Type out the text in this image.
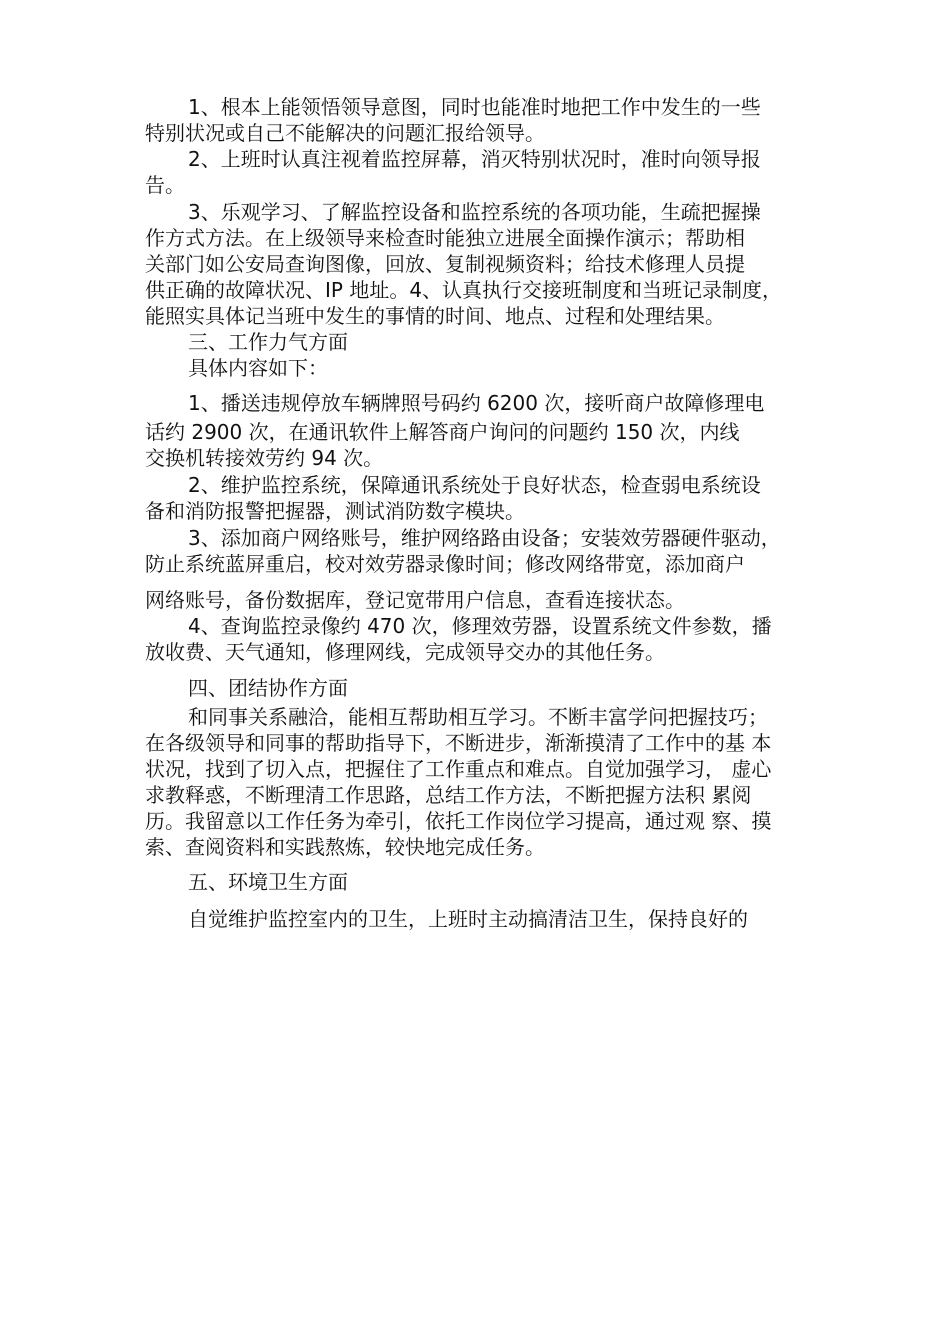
1、根本上能领悟领导意图，同时也能准时地把工作中发生的一些
特别状况或自己不能解决的问题汇报给领导。

2、上班时认真注视着监控屏幕，消灭特别状况时，准时向领导报
告。

3、乐观学习、了解监控设备和监控系统的各项功能，生疏把握操
作方式方法。在上级领导来检查时能独立进展全面操作演示；帮助相
关部门如公安局查询图像，回放、复制视频资料；给技术修理人员提
供正确的故障状况、IP 地址。4、认真执行交接班制度和当班记录制度，
能照实具体记当班中发生的事情的时间、地点、过程和处理结果。

三、工作力气方面

具体内容如下：

1、播送违规停放车辆牌照号码约 6200 次，接听商户故障修理电
话约 2900 次，在通讯软件上解答商户询问的问题约 150 次，内线
交换机转接效劳约 94 次。

2、维护监控系统，保障通讯系统处于良好状态，检查弱电系统设
备和消防报警把握器，测试消防数字模块。

3、添加商户网络账号，维护网络路由设备；安装效劳器硬件驱动，
防止系统蓝屏重启，校对效劳器录像时间；修改网络带宽，添加商户
网络账号，备份数据库，登记宽带用户信息，查看连接状态。

4、查询监控录像约 470 次，修理效劳器，设置系统文件参数，播
放收费、天气通知，修理网线，完成领导交办的其他任务。

四、团结协作方面

和同事关系融洽，能相互帮助相互学习。不断丰富学问把握技巧；
在各级领导和同事的帮助指导下，不断进步，渐渐摸清了工作中的基 本
状况，找到了切入点，把握住了工作重点和难点。自觉加强学习， 虚心
求教释惑，不断理清工作思路，总结工作方法，不断把握方法积 累阅
历。我留意以工作任务为牵引，依托工作岗位学习提高，通过观 察、摸
索、查阅资料和实践熬炼，较快地完成任务。

五、环境卫生方面

自觉维护监控室内的卫生，上班时主动搞清洁卫生，保持良好的
